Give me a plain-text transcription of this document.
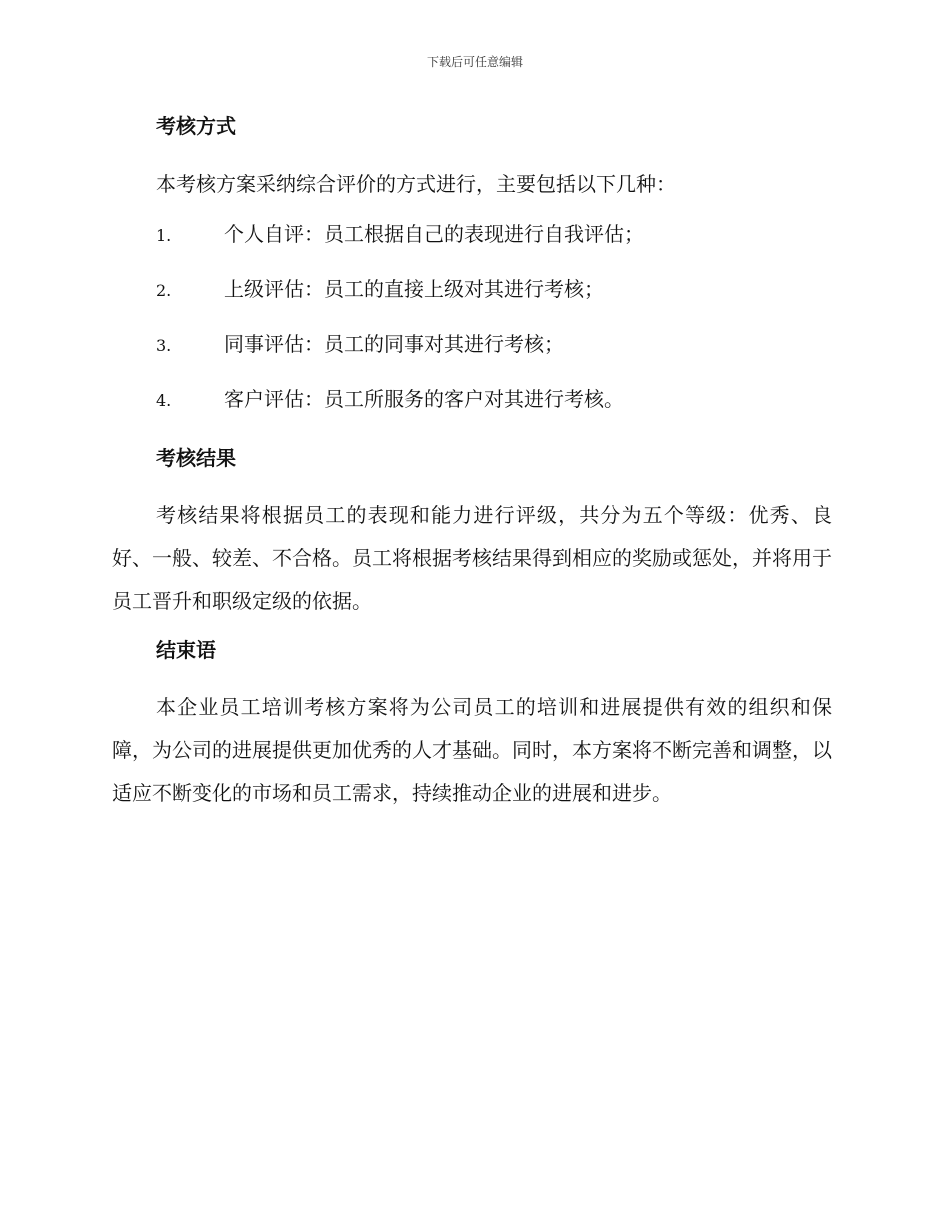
下载后可任意编辑
考核方式

本考核方案采纳综合评价的方式进行，主要包括以下几种：

1.	个人自评：员工根据自己的表现进行自我评估；
2.	上级评估：员工的直接上级对其进行考核；
3.	同事评估：员工的同事对其进行考核；
4.	客户评估：员工所服务的客户对其进行考核。
考核结果

考核结果将根据员工的表现和能力进行评级，共分为五个等级：优秀、良好、一般、较差、不合格。员工将根据考核结果得到相应的奖励或惩处，并将用于员工晋升和职级定级的依据。

结束语

本企业员工培训考核方案将为公司员工的培训和进展提供有效的组织和保障，为公司的进展提供更加优秀的人才基础。同时，本方案将不断完善和调整，以适应不断变化的市场和员工需求，持续推动企业的进展和进步。
